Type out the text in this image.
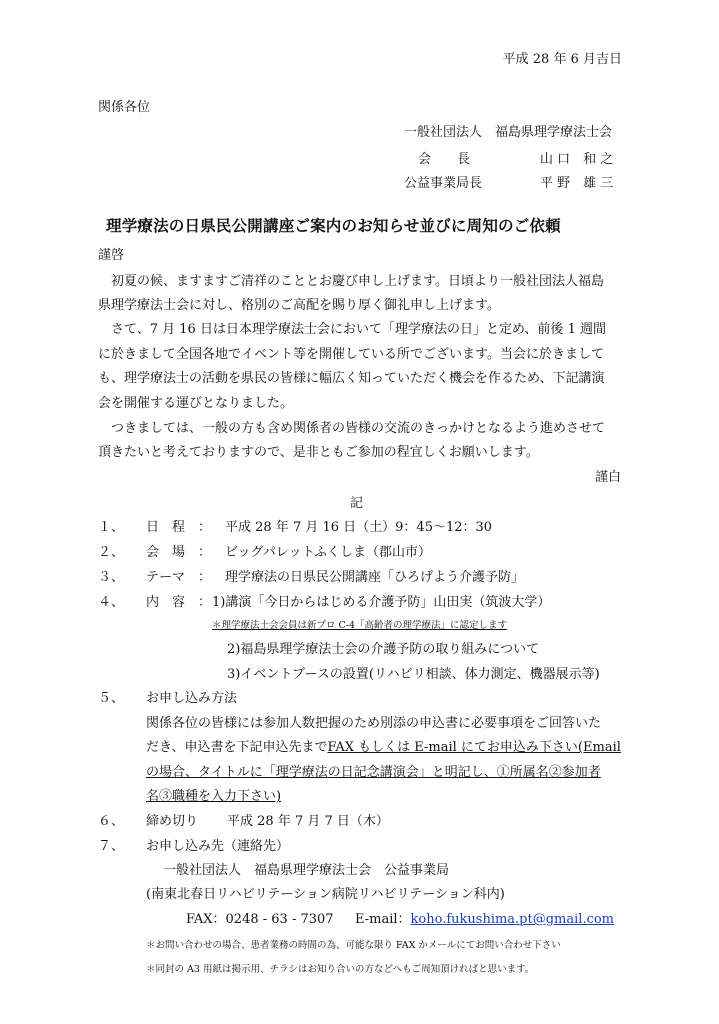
平成 28 年 6 月吉日
関係各位
一般社団法人　福島県理学療法士会
会　　長	山 口　和 之
公益事業局長	平 野　雄 三
理学療法の日県民公開講座ご案内のお知らせ並びに周知のご依頼
謹啓
　初夏の候、ますますご清祥のこととお慶び申し上げます。日頃より一般社団法人福島
県理学療法士会に対し、格別のご高配を賜り厚く御礼申し上げます。
　さて、7 月 16 日は日本理学療法士会において「理学療法の日」と定め、前後 1 週間
に於きまして全国各地でイベント等を開催している所でございます。当会に於きまして
も、理学療法士の活動を県民の皆様に幅広く知っていただく機会を作るため、下記講演
会を開催する運びとなりました。
　つきましては、一般の方も含め関係者の皆様の交流のきっかけとなるよう進めさせて
頂きたいと考えておりますので、是非ともご参加の程宜しくお願いします。
謹白
記
１、 日　程　： 平成 28 年 7 月 16 日（土）9：45～12：30
２、 会　場　： ビッグパレットふくしま（郡山市）
３、 テーマ　： 理学療法の日県民公開講座「ひろげよう介護予防」
４、 内　容　： 1)講演「今日からはじめる介護予防」山田実（筑波大学）
＊理学療法士会会員は新プロ C-4「高齢者の理学療法」に認定します
2)福島県理学療法士会の介護予防の取り組みについて
3)イベントブースの設置(リハビリ相談、体力測定、機器展示等)
５、 お申し込み方法
関係各位の皆様には参加人数把握のため別添の申込書に必要事項をご回答いた
だき、申込書を下記申込先までFAX もしくは E-mail にてお申込み下さい(Email
の場合、タイトルに「理学療法の日記念講演会」と明記し、①所属名②参加者
名③職種を入力下さい)
６、 締め切り 平成 28 年 7 月 7 日（木）
７、 お申し込み先（連絡先）
一般社団法人　福島県理学療法士会　公益事業局
(南東北春日リハビリテーション病院リハビリテーション科内)
FAX：0248 - 63 - 7307 E-mail：koho.fukushima.pt@gmail.com
＊お問い合わせの場合、患者業務の時間の為、可能な限り FAX かメールにてお問い合わせ下さい
＊同封の A3 用紙は掲示用、チラシはお知り合いの方などへもご周知頂ければと思います。
